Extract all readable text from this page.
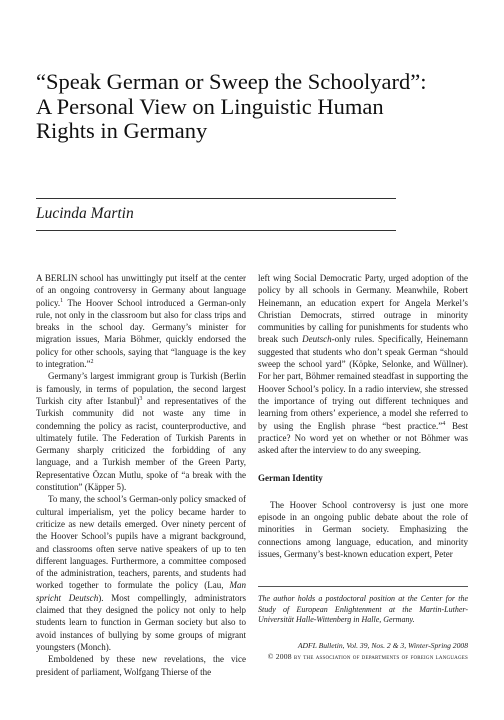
“Speak German or Sweep the Schoolyard”: A Personal View on Linguistic Human Rights in Germany
Lucinda Martin

A BERLIN school has unwittingly put itself at the center of an ongoing controversy in Germany about language policy.$^1$ The Hoover School introduced a German-only rule, not only in the classroom but also for class trips and breaks in the school day. Germany’s minister for migration issues, Maria Böhmer, quickly endorsed the policy for other schools, saying that “language is the key to integration.”$^2$

Germany’s largest immigrant group is Turkish (Berlin is famously, in terms of population, the second largest Turkish city after Istanbul)$^3$ and representatives of the Turkish community did not waste any time in condemning the policy as racist, counterproductive, and ultimately futile. The Federation of Turkish Parents in Germany sharply criticized the forbidding of any language, and a Turkish member of the Green Party, Representative Özcan Mutlu, spoke of “a break with the constitution” (Käpper 5).

To many, the school’s German-only policy smacked of cultural imperialism, yet the policy became harder to criticize as new details emerged. Over ninety percent of the Hoover School’s pupils have a migrant background, and classrooms often serve native speakers of up to ten different languages. Furthermore, a committee composed of the administration, teachers, parents, and students had worked together to formulate the policy (Lau, Man spricht Deutsch). Most compellingly, administrators claimed that they designed the policy not only to help students learn to function in German society but also to avoid instances of bullying by some groups of migrant youngsters (Monch).

Emboldened by these new revelations, the vice president of parliament, Wolfgang Thierse of the

left wing Social Democratic Party, urged adoption of the policy by all schools in Germany. Meanwhile, Robert Heinemann, an education expert for Angela Merkel’s Christian Democrats, stirred outrage in minority communities by calling for punishments for students who break such Deutsch-only rules. Specifically, Heinemann suggested that students who don’t speak German “should sweep the school yard” (Köpke, Selonke, and Wüllner). For her part, Böhmer remained steadfast in supporting the Hoover School’s policy. In a radio interview, she stressed the importance of trying out different techniques and learning from others’ experience, a model she referred to by using the English phrase “best practice.”$^4$ Best practice? No word yet on whether or not Böhmer was asked after the interview to do any sweeping.

German Identity

The Hoover School controversy is just one more episode in an ongoing public debate about the role of minorities in German society. Emphasizing the connections among language, education, and minority issues, Germany’s best-known education expert, Peter

The author holds a postdoctoral position at the Center for the Study of European Enlightenment at the Martin-Luther-Universität Halle-Wittenberg in Halle, Germany.
ADFL Bulletin, Vol. 39, Nos. 2 & 3, Winter-Spring 2008
© 2008 by the association of departments of foreign languages
